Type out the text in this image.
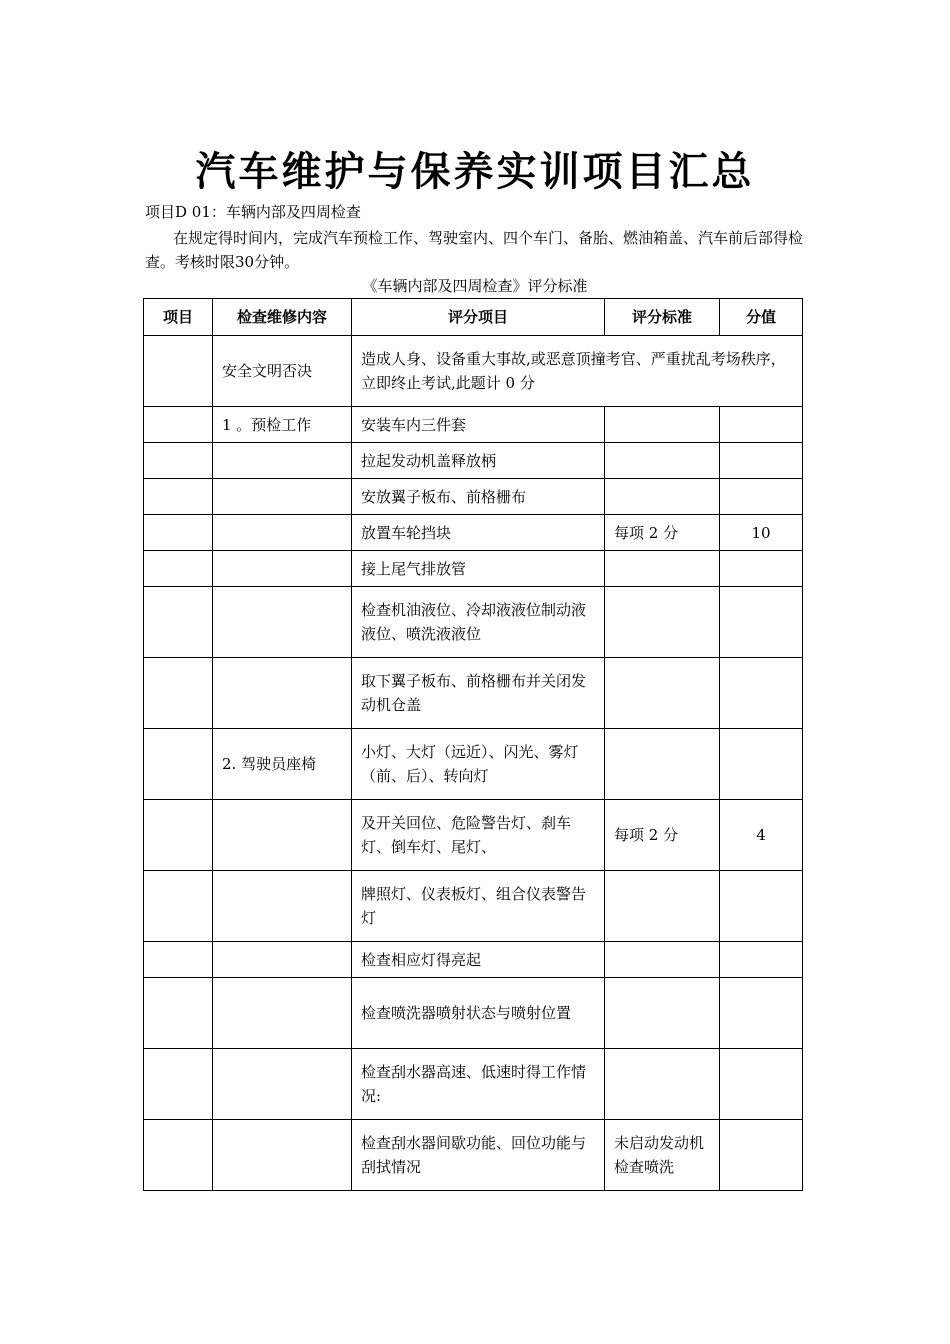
汽车维护与保养实训项目汇总
项目D 01：车辆内部及四周检查
在规定得时间内，完成汽车预检工作、驾驶室内、四个车门、备胎、燃油箱盖、汽车前后部得检查。考核时限30分钟。
《车辆内部及四周检查》评分标准
项目	检查维修内容	评分项目	评分标准	分值
	安全文明否决	造成人身、设备重大事故,或恶意顶撞考官、严重扰乱考场秩序，立即终止考试,此题计 0 分		
	1 。预检工作	安装车内三件套		
		拉起发动机盖释放柄		
		安放翼子板布、前格栅布		
		放置车轮挡块	每项 2 分	10
		接上尾气排放管		
		检查机油液位、冷却液液位制动液液位、喷洗液液位		
		取下翼子板布、前格栅布并关闭发动机仓盖		
	2. 驾驶员座椅	小灯、大灯（远近）、闪光、雾灯（前、后）、转向灯		
		及开关回位、危险警告灯、刹车灯、倒车灯、尾灯、	每项 2 分	4
		牌照灯、仪表板灯、组合仪表警告灯		
		检查相应灯得亮起		
		检查喷洗器喷射状态与喷射位置		
		检查刮水器高速、低速时得工作情况:		
		检查刮水器间歇功能、回位功能与刮拭情况	未启动发动机检查喷洗	
